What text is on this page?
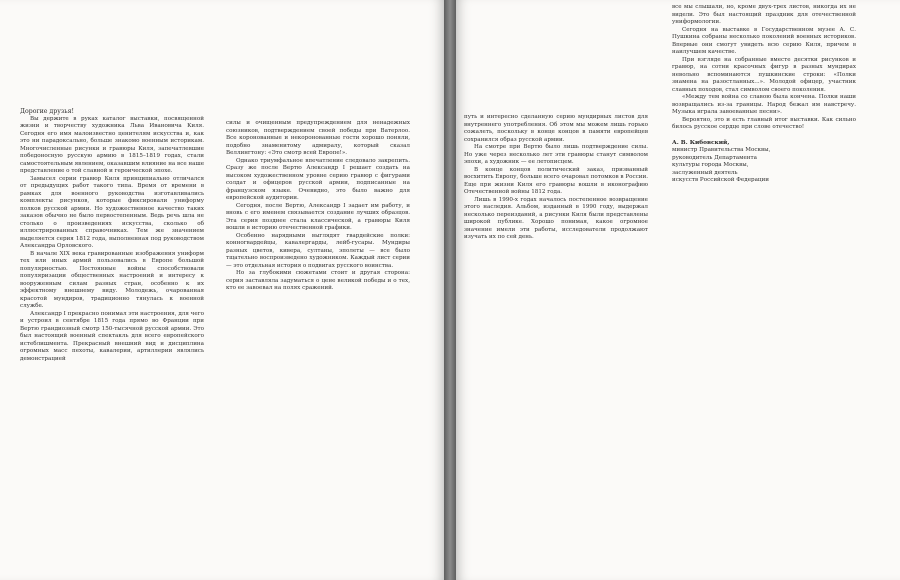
Дорогие друзья!

Вы держите в руках каталог выставки, посвященной жизни и творчеству художника Льва Ивановича Киля. Сегодня его имя малоизвестно ценителям искусства и, как это ни парадоксально, больше знакомо военным историкам. Многочисленные рисунки и гравюры Киля, запечатлевшие победоносную русскую армию в 1815–1819 годах, стали самостоятельным явлением, оказавшим влияние на все наше представление о той славной и героической эпохе.

Замысел серии гравюр Киля принципиально отличался от предыдущих работ такого типа. Время от времени в рамках для военного руководства изготавливались комплекты рисунков, которые фиксировали униформу полков русской армии. Но художественное качество таких заказов обычно не было первостепенным. Ведь речь шла не столько о произведениях искусства, сколько об иллюстрированных справочниках. Тем же значением выделяется серия 1812 года, выполненная под руководством Александра Орловского.

В начале XIX века гравированные изображения униформ тех или иных армий пользовались в Европе большой популярностью. Постоянные войны способствовали популяризации общественных настроений и интересу к вооруженным силам разных стран, особенно к их эффектному внешнему виду. Молодежь, очарованная красотой мундиров, традиционно тянулась к военной службе.

Александр I прекрасно понимал эти настроения, для чего и устроил в сентябре 1815 года прямо во Франции при Вертю грандиозный смотр 150-тысячной русской армии. Это был настоящий военный спектакль для всего европейского истеблишмента. Прекрасный внешний вид и дисциплина огромных масс пехоты, кавалерии, артиллерии являлись демонстрацией

силы и очищенным предупреждением для ненадежных союзников, подтверждением своей победы при Ватерлоо. Все коронованные и некоронованные гости хорошо поняли, подобно знаменитому адмиралу, который сказал Веллингтону: «Это смотр всей Европе!».

Однако триумфальное впечатление следовало закрепить. Сразу же после Вертю Александр I решает создать на высоком художественном уровне серию гравюр с фигурами солдат и офицеров русской армии, подписанные на французском языке. Очевидно, это было важно для европейской аудитории.

Сегодня, после Вертю, Александр I задает им работу, и вновь с его именем связывается создание лучших образцов. Эта серия позднее стала классической, а гравюры Киля вошли в историю отечественной графики.

Особенно нарядными выглядят гвардейские полки: конногвардейцы, кавалергарды, лейб-гусары. Мундиры разных цветов, кивера, султаны, эполеты — все было тщательно воспроизведено художником. Каждый лист серии — это отдельная история о подвигах русского воинства.

Но за глубокими сюжетами стоит и другая сторона: серия заставляла задуматься о цене великой победы и о тех, кто ее завоевал на полях сражений.

путь и интересно сделанную серию мундирных листов для внутреннего употребления. Об этом мы можем лишь горько сожалеть, поскольку в конце концов в памяти европейцев сохранился образ русской армии.

На смотре при Вертю было лишь подтверждение силы. Но уже через несколько лет эти гравюры станут символом эпохи, а художник — ее летописцем.

В конце концов политический заказ, призванный восхитить Европу, больше всего очаровал потомков в России. Еще при жизни Киля его гравюры вошли в иконографию Отечественной войны 1812 года.

Лишь в 1990-х годах началось постепенное возвращение этого наследия. Альбом, изданный в 1990 году, выдержал несколько переизданий, а рисунки Киля были представлены широкой публике. Хорошо понимая, какое огромное значение имели эти работы, исследователи продолжают изучать их по сей день.

все мы слышали, но, кроме двух-трех листов, никогда их не видели. Это был настоящий праздник для отечественной униформологии.

Сегодня на выставке в Государственном музее А. С. Пушкина собраны несколько поколений военных историков. Впервые они смогут увидеть всю серию Киля, причем в наилучшем качестве.

При взгляде на собранные вместе десятки рисунков и гравюр, на сотни красочных фигур в разных мундирах невольно вспоминаются пушкинские строки: «Полки знамена на разостланных...». Молодой офицер, участник славных походов, стал символом своего поколения.

«Между тем война со славою была кончена. Полки наши возвращались из-за границы. Народ бежал им навстречу. Музыка играла завоеванные песни».

Вероятно, это и есть главный итог выставки. Как сильно билось русское сердце при слове отечество!

А. В. Кибовский,
министр Правительства Москвы,
руководитель Департамента
культуры города Москвы,
заслуженный деятель
искусств Российской Федерации
